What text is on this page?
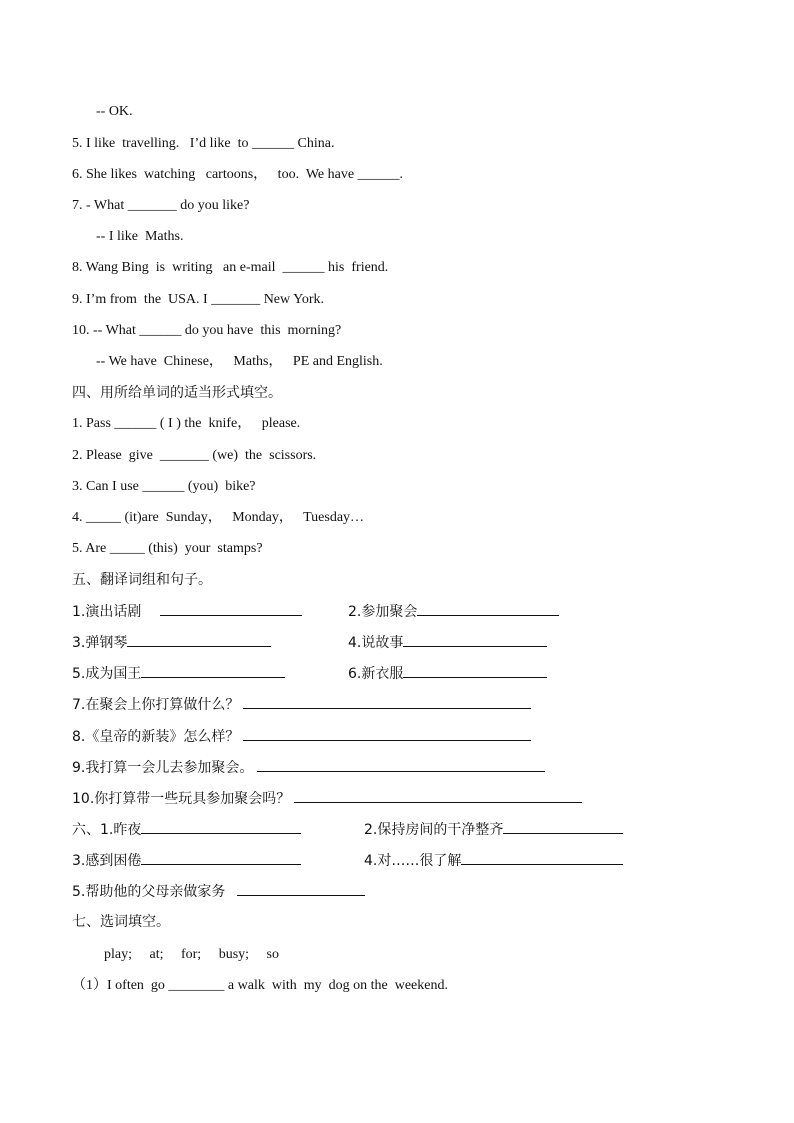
-- OK.
5. I like  travelling.   I’d like  to ______ China.
6. She likes  watching   cartoons，   too.  We have ______.
7. - What _______ do you like?
-- I like  Maths.
8. Wang Bing  is  writing   an e-mail  ______ his  friend.
9. I’m from  the  USA. I _______ New York.
10. -- What ______ do you have  this  morning?
-- We have  Chinese，   Maths，   PE and English.
四、用所给单词的适当形式填空。
1. Pass ______ ( I ) the  knife，   please.
2. Please  give  _______ (we)  the  scissors.
3. Can I use ______ (you)  bike?
4. _____ (it)are  Sunday，   Monday，   Tuesday…
5. Are _____ (this)  your  stamps?
五、翻译词组和句子。
1.演出话剧	2.参加聚会
3.弹钢琴	4.说故事
5.成为国王	6.新衣服
7.在聚会上你打算做什么？
8.《皇帝的新装》怎么样？
9.我打算一会儿去参加聚会。
10.你打算带一些玩具参加聚会吗？
六、1.昨夜	2.保持房间的干净整齐
3.感到困倦	4.对……很了解
5.帮助他的父母亲做家务
七、选词填空。
play;     at;     for;     busy;     so
（1）I often  go ________ a walk  with  my  dog on the  weekend.
